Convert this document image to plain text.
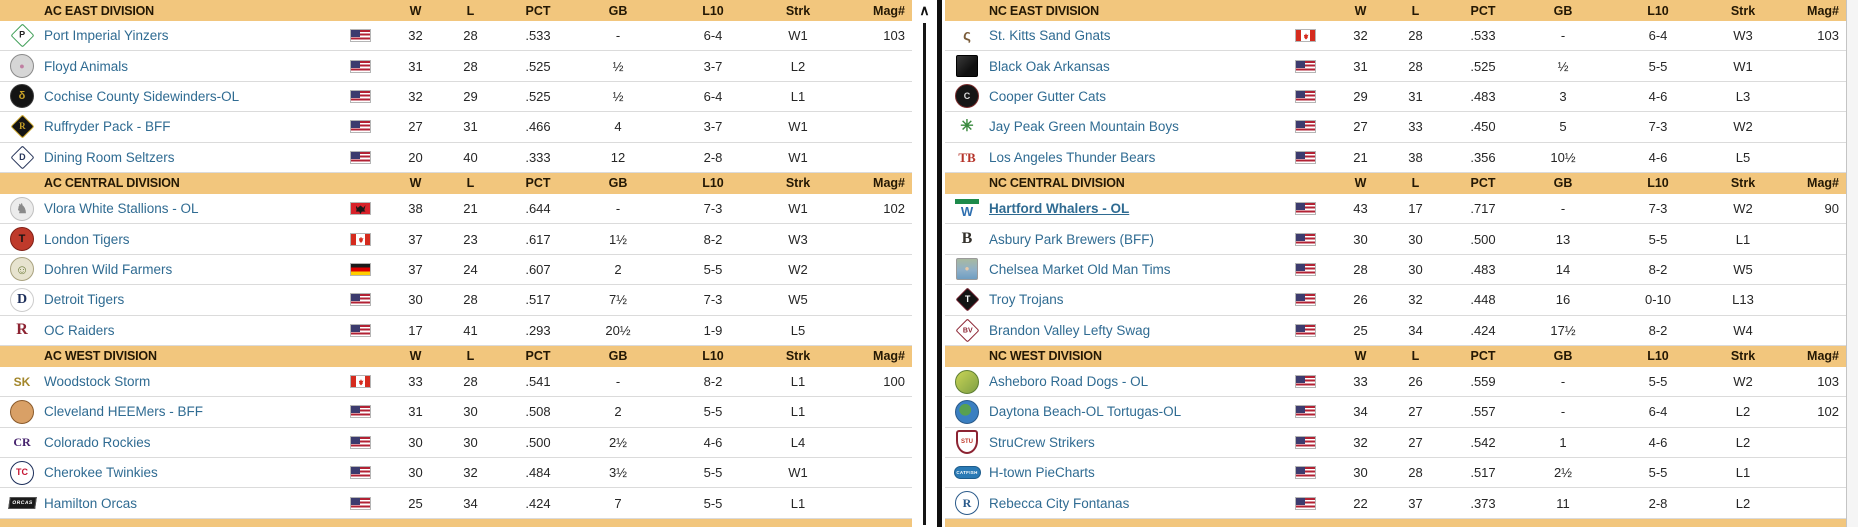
AC EAST DIVISION	W	L	PCT	GB	L10	Strk	Mag#
P Port Imperial Yinzers	32	28	.533	-	6-4	W1	103
● Floyd Animals	31	28	.525	½	3-7	L2
δ Cochise County Sidewinders-OL	32	29	.525	½	6-4	L1
R Ruffryder Pack - BFF	27	31	.466	4	3-7	W1
D Dining Room Seltzers	20	40	.333	12	2-8	W1
AC CENTRAL DIVISION	W	L	PCT	GB	L10	Strk	Mag#
♞ Vlora White Stallions - OL	38	21	.644	-	7-3	W1	102
T London Tigers	37	23	.617	1½	8-2	W3
☺ Dohren Wild Farmers	37	24	.607	2	5-5	W2
D Detroit Tigers	30	28	.517	7½	7-3	W5
R OC Raiders	17	41	.293	20½	1-9	L5
AC WEST DIVISION	W	L	PCT	GB	L10	Strk	Mag#
SK Woodstock Storm	33	28	.541	-	8-2	L1	100
Cleveland HEEMers - BFF	31	30	.508	2	5-5	L1
CR Colorado Rockies	30	30	.500	2½	4-6	L4
TC Cherokee Twinkies	30	32	.484	3½	5-5	W1
ORCAS Hamilton Orcas	25	34	.424	7	5-5	L1
∧	NC EAST DIVISION	W	L	PCT	GB	L10	Strk	Mag#
ς St. Kitts Sand Gnats	32	28	.533	-	6-4	W3	103
Black Oak Arkansas	31	28	.525	½	5-5	W1
C Cooper Gutter Cats	29	31	.483	3	4-6	L3
✳ Jay Peak Green Mountain Boys	27	33	.450	5	7-3	W2
TB Los Angeles Thunder Bears	21	38	.356	10½	4-6	L5
NC CENTRAL DIVISION	W	L	PCT	GB	L10	Strk	Mag#
W Hartford Whalers - OL	43	17	.717	-	7-3	W2	90
B Asbury Park Brewers (BFF)	30	30	.500	13	5-5	L1
● Chelsea Market Old Man Tims	28	30	.483	14	8-2	W5
T Troy Trojans	26	32	.448	16	0-10	L13
BV Brandon Valley Lefty Swag	25	34	.424	17½	8-2	W4
NC WEST DIVISION	W	L	PCT	GB	L10	Strk	Mag#
Asheboro Road Dogs - OL	33	26	.559	-	5-5	W2	103
Daytona Beach-OL Tortugas-OL	34	27	.557	-	6-4	L2	102
STU StruCrew Strikers	32	27	.542	1	4-6	L2
CATFISH H-town PieCharts	30	28	.517	2½	5-5	L1
R Rebecca City Fontanas	22	37	.373	11	2-8	L2
